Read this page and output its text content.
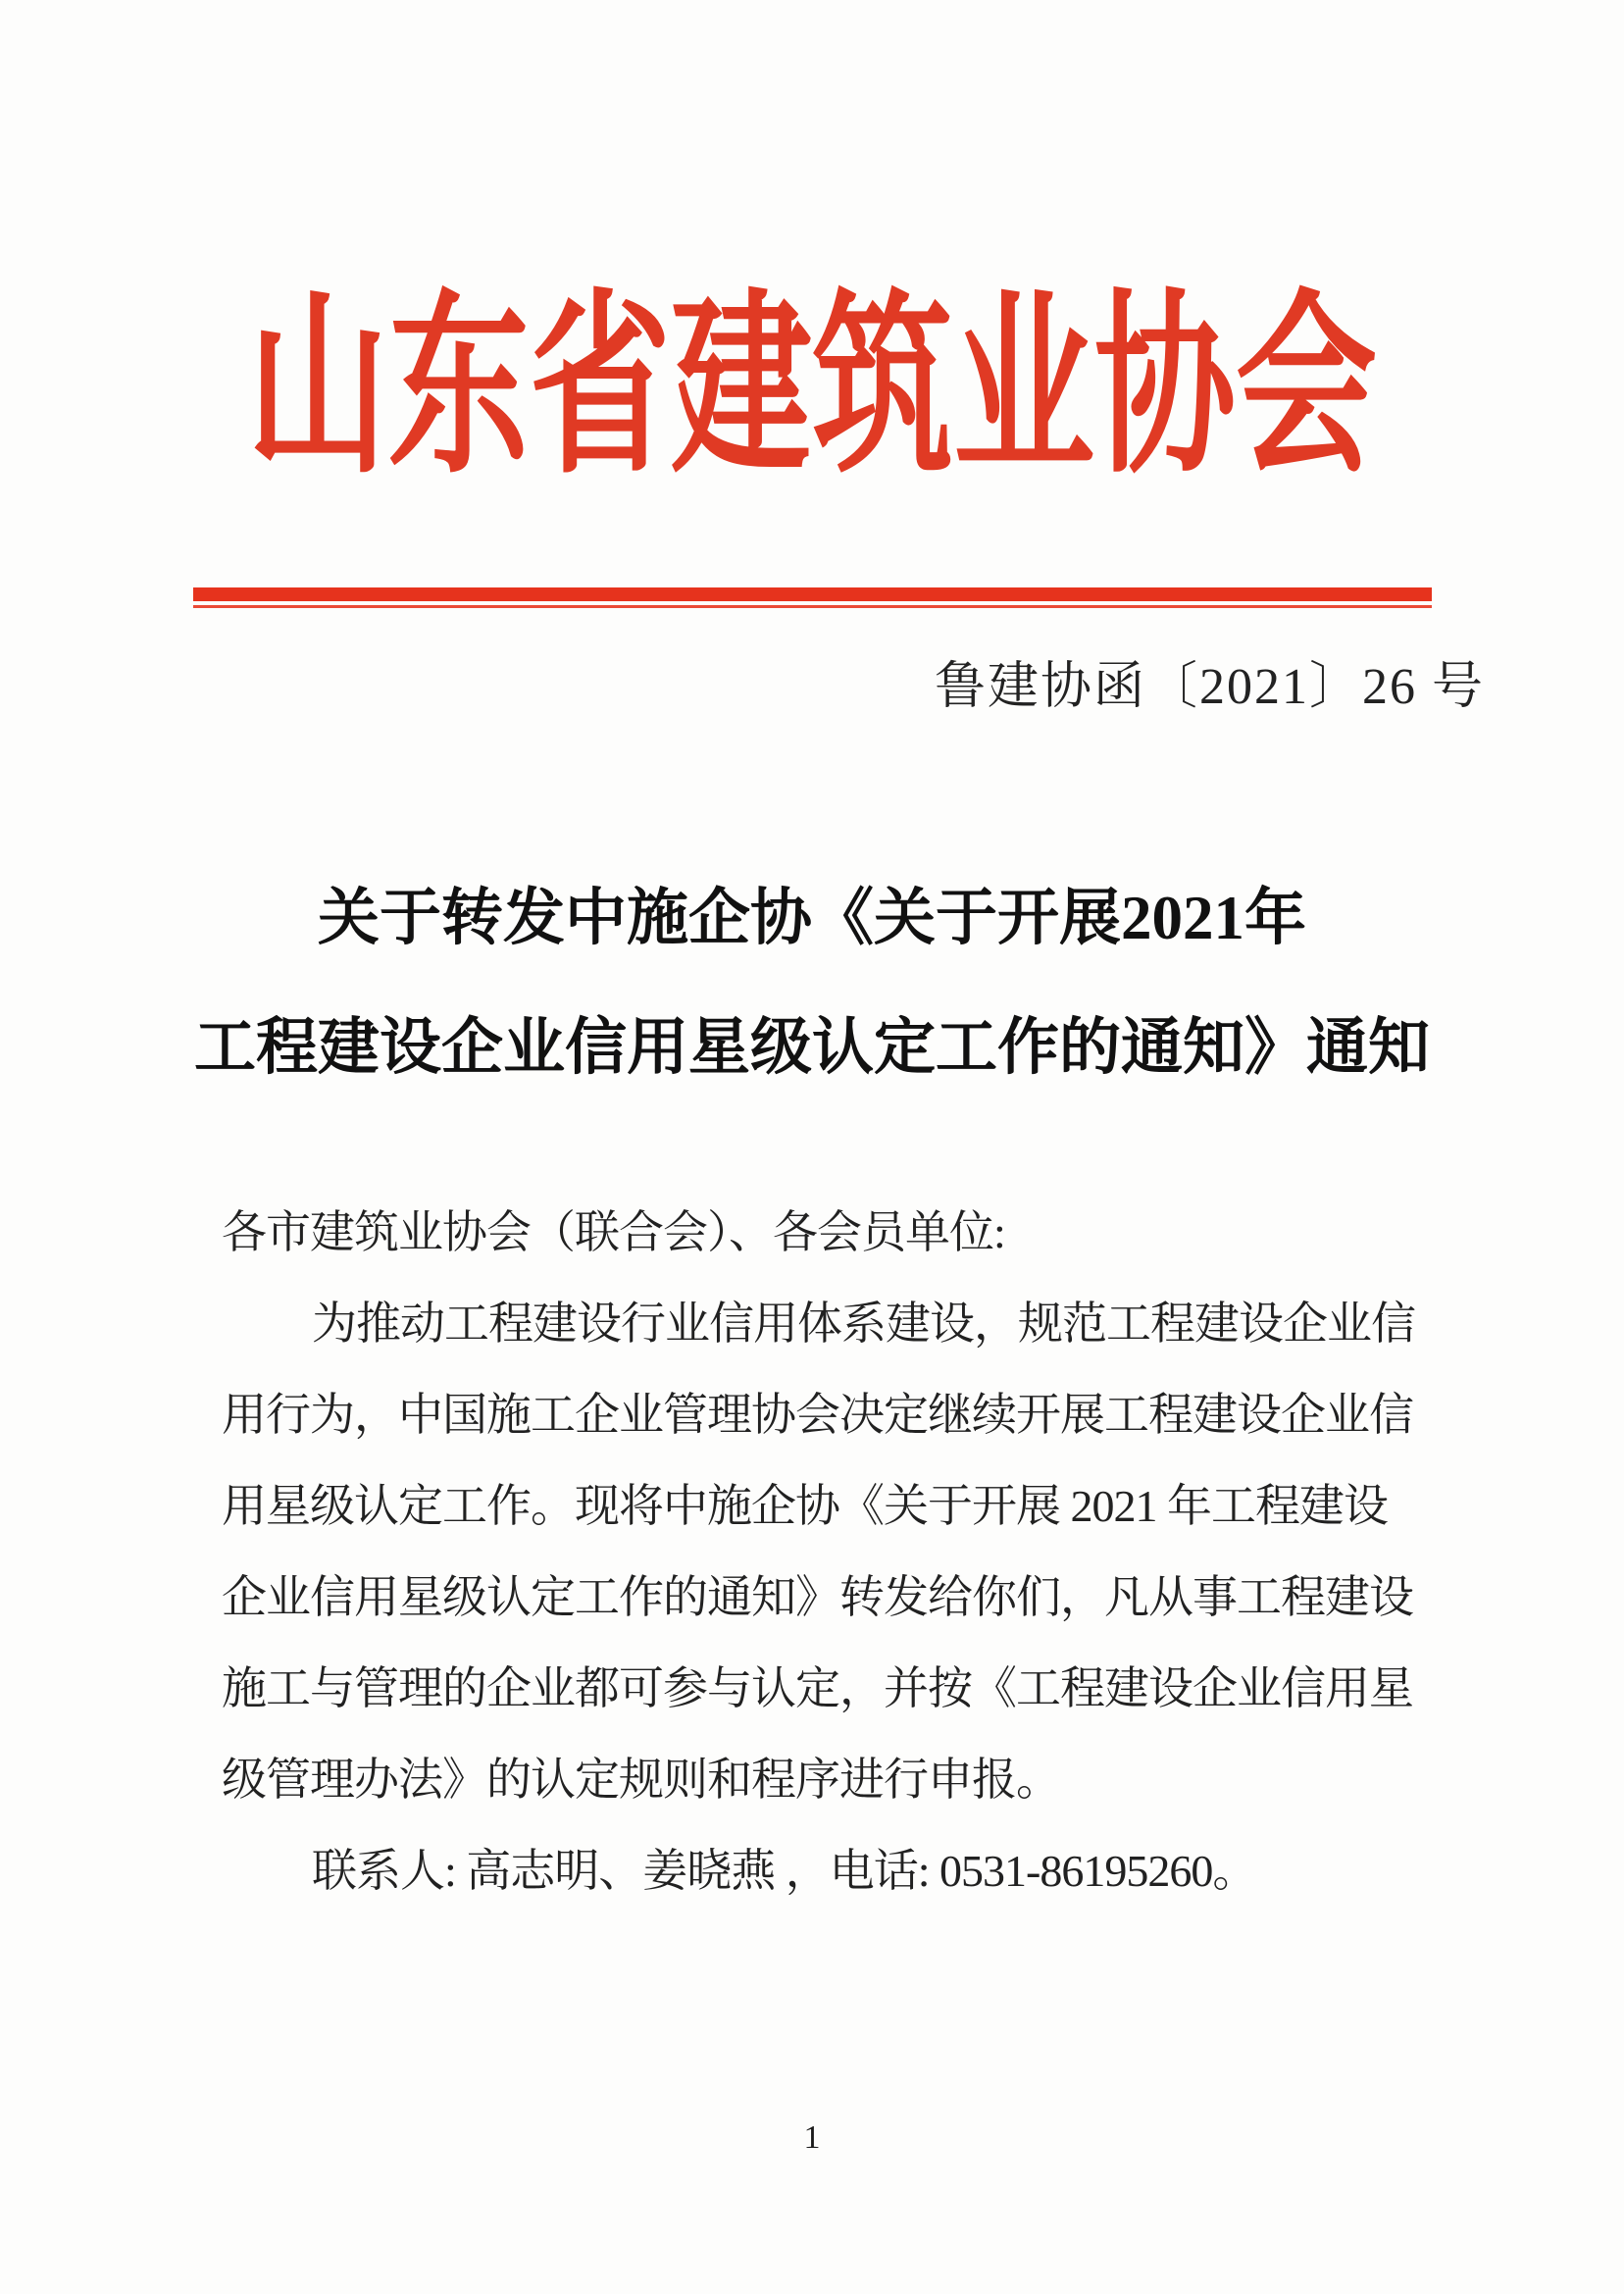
山东省建筑业协会
鲁建协函〔2021〕26 号
关于转发中施企协《关于开展2021年
工程建设企业信用星级认定工作的通知》通知
各市建筑业协会（联合会）、各会员单位:
为推动工程建设行业信用体系建设，规范工程建设企业信
用行为，中国施工企业管理协会决定继续开展工程建设企业信
用星级认定工作。现将中施企协《关于开展 2021 年工程建设
企业信用星级认定工作的通知》转发给你们，凡从事工程建设
施工与管理的企业都可参与认定，并按《工程建设企业信用星
级管理办法》的认定规则和程序进行申报。
联系人: 高志明、姜晓燕 ，电话: 0531-86195260。
1
